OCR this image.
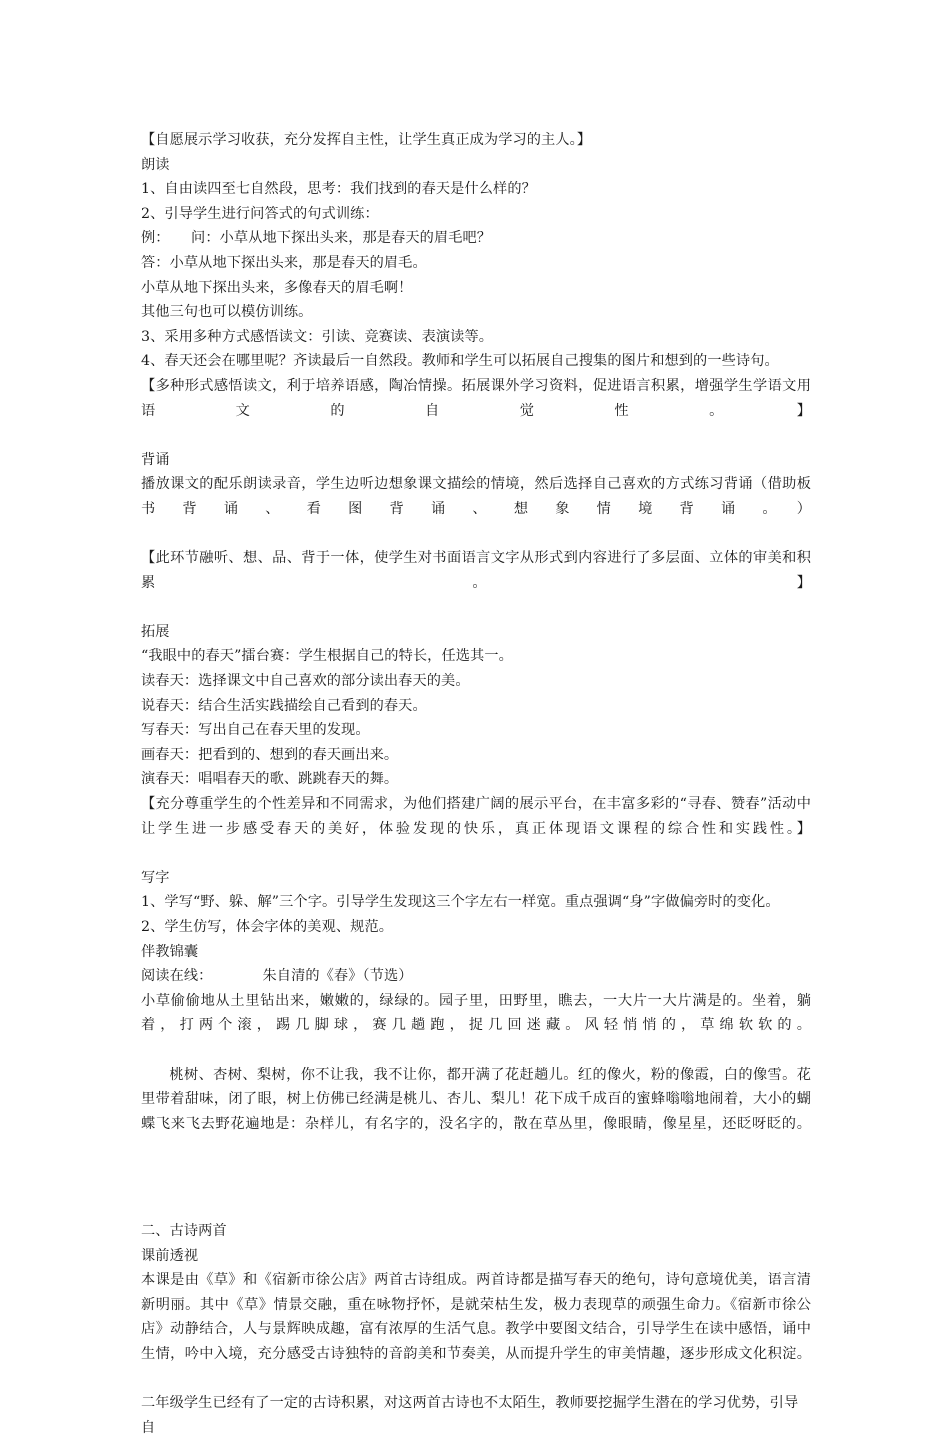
【自愿展示学习收获，充分发挥自主性，让学生真正成为学习的主人。】
朗读
1、自由读四至七自然段，思考：我们找到的春天是什么样的？
2、引导学生进行问答式的句式训练：
例：　　问：小草从地下探出头来，那是春天的眉毛吧？
答：小草从地下探出头来，那是春天的眉毛。
小草从地下探出头来，多像春天的眉毛啊！
其他三句也可以模仿训练。
3、采用多种方式感悟读文：引读、竞赛读、表演读等。
4、春天还会在哪里呢？齐读最后一自然段。教师和学生可以拓展自己搜集的图片和想到的一些诗句。
【多种形式感悟读文，利于培养语感，陶冶情操。拓展课外学习资料，促进语言积累，增强学生学语文用语文的自觉性。】
背诵
播放课文的配乐朗读录音，学生边听边想象课文描绘的情境，然后选择自己喜欢的方式练习背诵（借助板书背诵、看图背诵、想象情境背诵。）
【此环节融听、想、品、背于一体，使学生对书面语言文字从形式到内容进行了多层面、立体的审美和积累。】
拓展
“我眼中的春天”擂台赛：学生根据自己的特长，任选其一。
读春天：选择课文中自己喜欢的部分读出春天的美。
说春天：结合生活实践描绘自己看到的春天。
写春天：写出自己在春天里的发现。
画春天：把看到的、想到的春天画出来。
演春天：唱唱春天的歌、跳跳春天的舞。
【充分尊重学生的个性差异和不同需求，为他们搭建广阔的展示平台，在丰富多彩的“寻春、赞春”活动中让学生进一步感受春天的美好，体验发现的快乐，真正体现语文课程的综合性和实践性。】
写字
1、学写“野、躲、解”三个字。引导学生发现这三个字左右一样宽。重点强调“身”字做偏旁时的变化。
2、学生仿写，体会字体的美观、规范。
伴教锦囊
阅读在线：　　　　朱自清的《春》（节选）
小草偷偷地从土里钻出来，嫩嫩的，绿绿的。园子里，田野里，瞧去，一大片一大片满是的。坐着，躺着，打两个滚，踢几脚球，赛几趟跑，捉几回迷藏。风轻悄悄的，草绵软软的。
桃树、杏树、梨树，你不让我，我不让你，都开满了花赶趟儿。红的像火，粉的像霞，白的像雪。花里带着甜味，闭了眼，树上仿佛已经满是桃儿、杏儿、梨儿！花下成千成百的蜜蜂嗡嗡地闹着，大小的蝴蝶飞来飞去野花遍地是：杂样儿，有名字的，没名字的，散在草丛里，像眼睛，像星星，还眨呀眨的。
二、古诗两首
课前透视
本课是由《草》和《宿新市徐公店》两首古诗组成。两首诗都是描写春天的绝句，诗句意境优美，语言清新明丽。其中《草》情景交融，重在咏物抒怀，是就荣枯生发，极力表现草的顽强生命力。《宿新市徐公店》动静结合，人与景辉映成趣，富有浓厚的生活气息。教学中要图文结合，引导学生在读中感悟，诵中生情，吟中入境，充分感受古诗独特的音韵美和节奏美，从而提升学生的审美情趣，逐步形成文化积淀。
二年级学生已经有了一定的古诗积累，对这两首古诗也不太陌生，教师要挖掘学生潜在的学习优势，引导自
